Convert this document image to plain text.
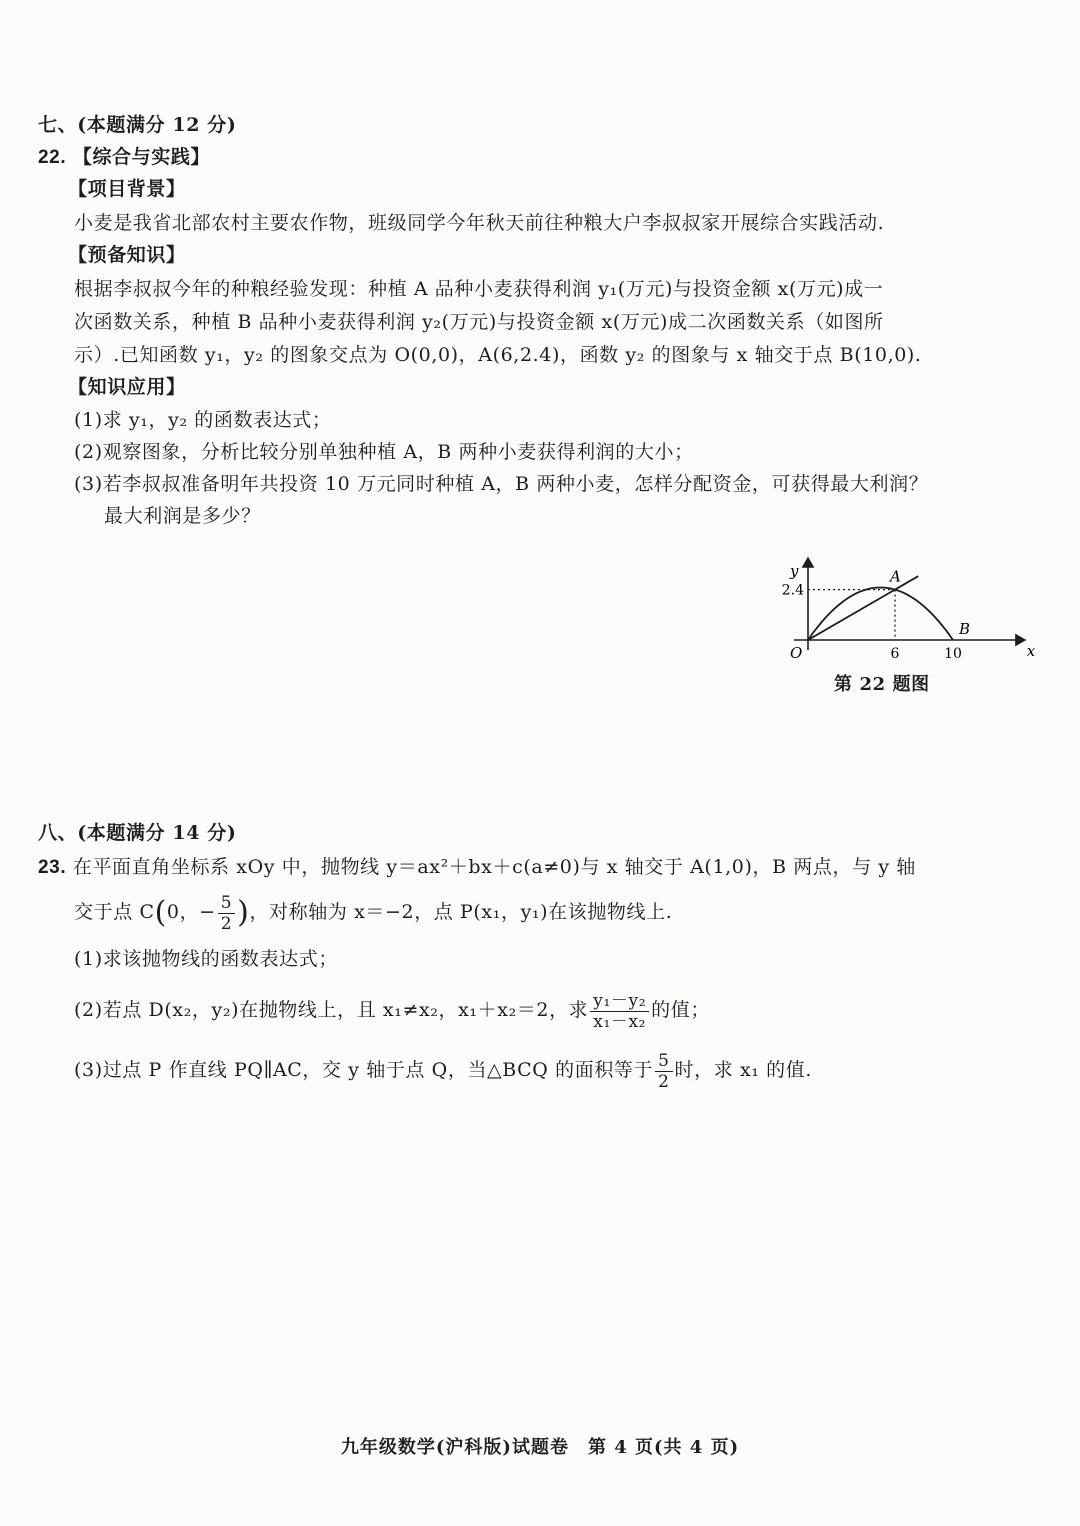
七、(本题满分 12 分)
22. 【综合与实践】
【项目背景】
小麦是我省北部农村主要农作物，班级同学今年秋天前往种粮大户李叔叔家开展综合实践活动.
【预备知识】
根据李叔叔今年的种粮经验发现：种植 A 品种小麦获得利润 y₁(万元)与投资金额 x(万元)成一
次函数关系，种植 B 品种小麦获得利润 y₂(万元)与投资金额 x(万元)成二次函数关系（如图所
示）.已知函数 y₁，y₂ 的图象交点为 O(0,0)，A(6,2.4)，函数 y₂ 的图象与 x 轴交于点 B(10,0).
【知识应用】
(1)求 y₁，y₂ 的函数表达式；
(2)观察图象，分析比较分别单独种植 A，B 两种小麦获得利润的大小；
(3)若李叔叔准备明年共投资 10 万元同时种植 A，B 两种小麦，怎样分配资金，可获得最大利润？
最大利润是多少？
y
x
O
A
B
2.4
6	10
第 22 题图
八、(本题满分 14 分)
23. 在平面直角坐标系 xOy 中，抛物线 y＝ax²＋bx＋c(a≠0)与 x 轴交于 A(1,0)，B 两点，与 y 轴
交于点 C(0，− $\frac{5}{2}$ )，对称轴为 x＝−2，点 P(x₁，y₁)在该抛物线上.
(1)求该抛物线的函数表达式；
(2)若点 D(x₂，y₂)在抛物线上，且 x₁≠x₂，x₁＋x₂＝2，求 $\frac{\text{y₁－y₂}}{\text{x₁－x₂}}$ 的值；
(3)过点 P 作直线 PQ∥AC，交 y 轴于点 Q，当△BCQ 的面积等于 $\frac{5}{2}$ 时，求 x₁ 的值.
九年级数学(沪科版)试题卷　第 4 页(共 4 页)
